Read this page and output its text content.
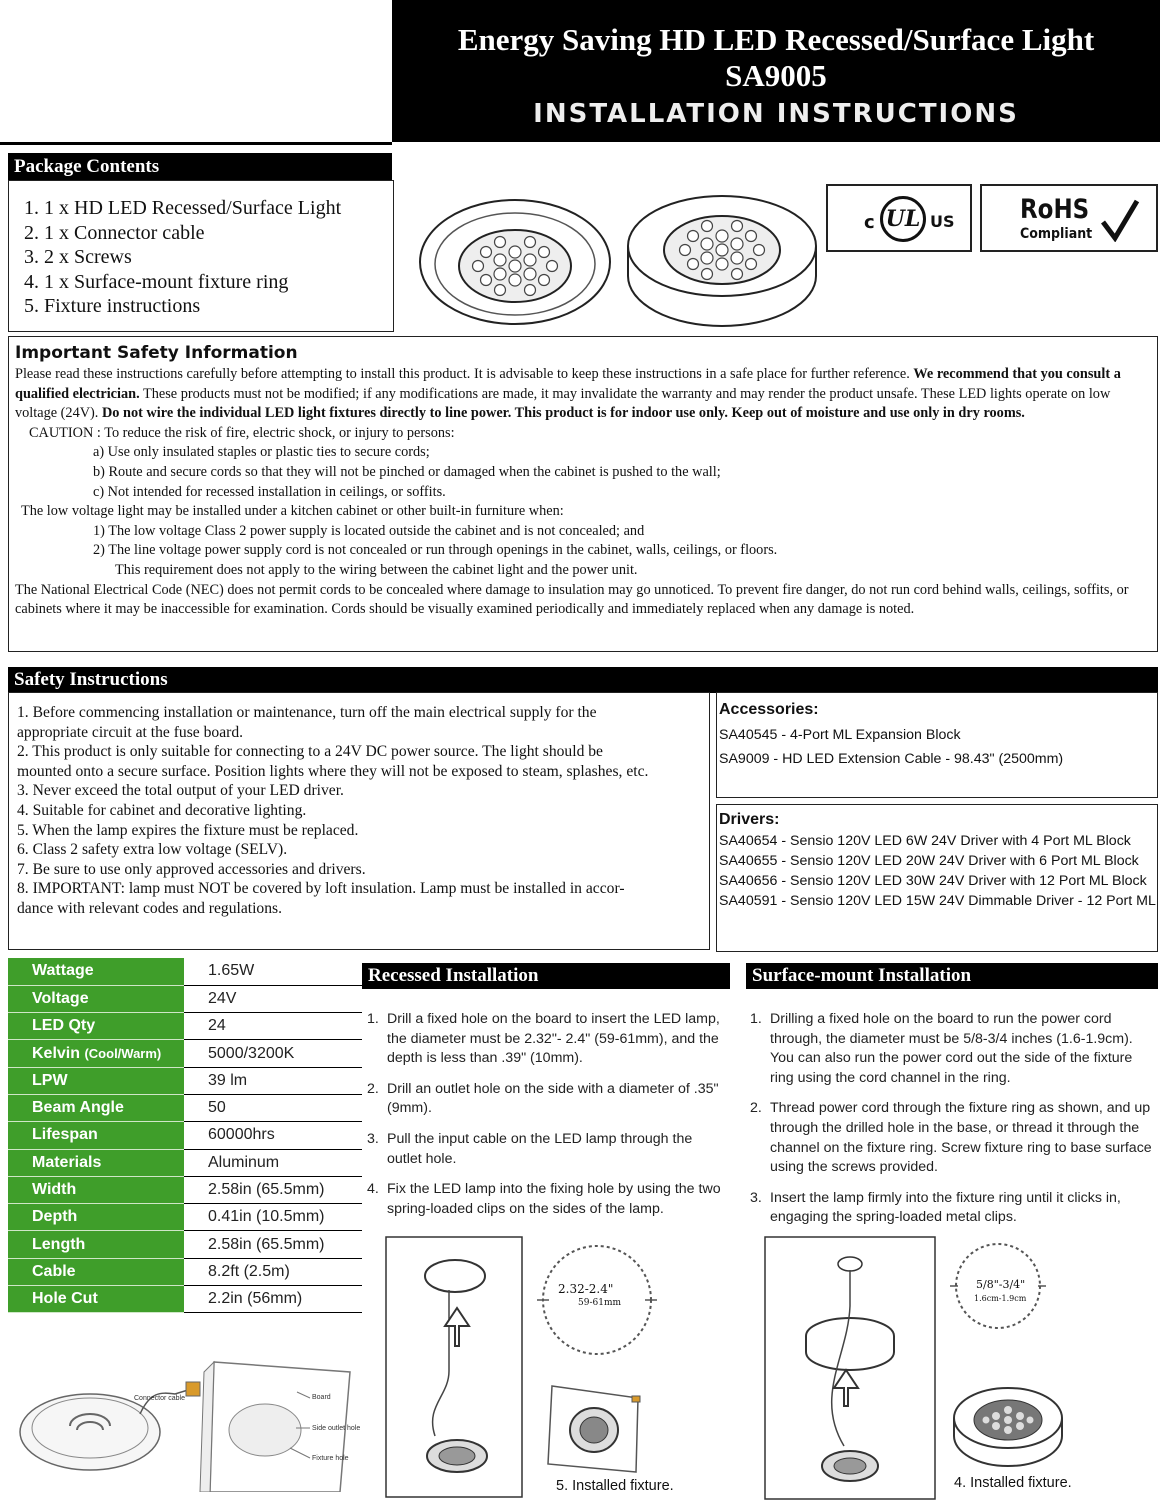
Energy Saving HD LED Recessed/Surface Light
SA9005
INSTALLATION INSTRUCTIONS
Package Contents
1. 1 x HD LED Recessed/Surface Light
2. 1 x Connector cable
3. 2 x Screws
4. 1 x Surface-mount fixture ring
5. Fixture instructions
c UL US RoHS
Compliant
Important Safety Information

Please read these instructions carefully before attempting to install this product. It is advisable to keep these instructions in a safe place for further reference. We recommend that you consult a qualified electrician. These products must not be modified; if any modifications are made, it may invalidate the warranty and may render the product unsafe. These LED lights operate on low voltage (24V). Do not wire the individual LED light fixtures directly to line power. This product is for indoor use only. Keep out of moisture and use only in dry rooms.

CAUTION : To reduce the risk of fire, electric shock, or injury to persons:
a) Use only insulated staples or plastic ties to secure cords;
b) Route and secure cords so that they will not be pinched or damaged when the cabinet is pushed to the wall;
c) Not intended for recessed installation in ceilings, or soffits.
The low voltage light may be installed under a kitchen cabinet or other built-in furniture when:
1) The low voltage Class 2 power supply is located outside the cabinet and is not concealed; and
2) The line voltage power supply cord is not concealed or run through openings in the cabinet, walls, ceilings, or floors.
This requirement does not apply to the wiring between the cabinet light and the power unit.

The National Electrical Code (NEC) does not permit cords to be concealed where damage to insulation may go unnoticed. To prevent fire danger, do not run cord behind walls, ceilings, soffits, or cabinets where it may be inaccessible for examination. Cords should be visually examined periodically and immediately replaced when any damage is noted.

Safety Instructions
1. Before commencing installation or maintenance, turn off the main electrical supply for the
appropriate circuit at the fuse board.
2. This product is only suitable for connecting to a 24V DC power source. The light should be
mounted onto a secure surface. Position lights where they will not be exposed to steam, splashes, etc.
3. Never exceed the total output of your LED driver.
4. Suitable for cabinet and decorative lighting.
5. When the lamp expires the fixture must be replaced.
6. Class 2 safety extra low voltage (SELV).
7. Be sure to use only approved accessories and drivers.
8. IMPORTANT: lamp must NOT be covered by loft insulation. Lamp must be installed in accor-
dance with relevant codes and regulations.
Accessories:
SA40545 - 4-Port ML Expansion Block
SA9009 - HD LED Extension Cable - 98.43" (2500mm)
Drivers:
SA40654 - Sensio 120V LED 6W 24V Driver with 4 Port ML Block
SA40655 - Sensio 120V LED 20W 24V Driver with 6 Port ML Block
SA40656 - Sensio 120V LED 30W 24V Driver with 12 Port ML Block
SA40591 - Sensio 120V LED 15W 24V Dimmable Driver - 12 Port ML
Wattage	1.65W
Voltage	24V
LED Qty	24
Kelvin (Cool/Warm)	5000/3200K
LPW	39 lm
Beam Angle	50
Lifespan	60000hrs
Materials	Aluminum
Width	2.58in (65.5mm)
Depth	0.41in (10.5mm)
Length	2.58in (65.5mm)
Cable	8.2ft (2.5m)
Hole Cut	2.2in (56mm)
Connector cable	Board
Side outlet hole
Fixture hole
Recessed Installation
1. Drill a fixed hole on the board to insert the LED lamp, the diameter must be 2.32"- 2.4" (59-61mm), and the depth is less than .39" (10mm).
2. Drill an outlet hole on the side with a diameter of .35" (9mm).
3. Pull the input cable on the LED lamp through the outlet hole.
4. Fix the LED lamp into the fixing hole by using the two spring-loaded clips on the sides of the lamp.
2.32-2.4"
59-61mm
5. Installed fixture.
Surface-mount Installation
1. Drilling a fixed hole on the board to run the power cord through, the diameter must be 5/8-3/4 inches (1.6-1.9cm). You can also run the power cord out the side of the fixture ring using the cord channel in the ring.
2. Thread power cord through the fixture ring as shown, and up through the drilled hole in the base, or thread it through the channel on the fixture ring. Screw fixture ring to base surface using the screws provided.
3. Insert the lamp firmly into the fixture ring until it clicks in, engaging the spring-loaded metal clips.
5/8"-3/4"
1.6cm-1.9cm
4. Installed fixture.
